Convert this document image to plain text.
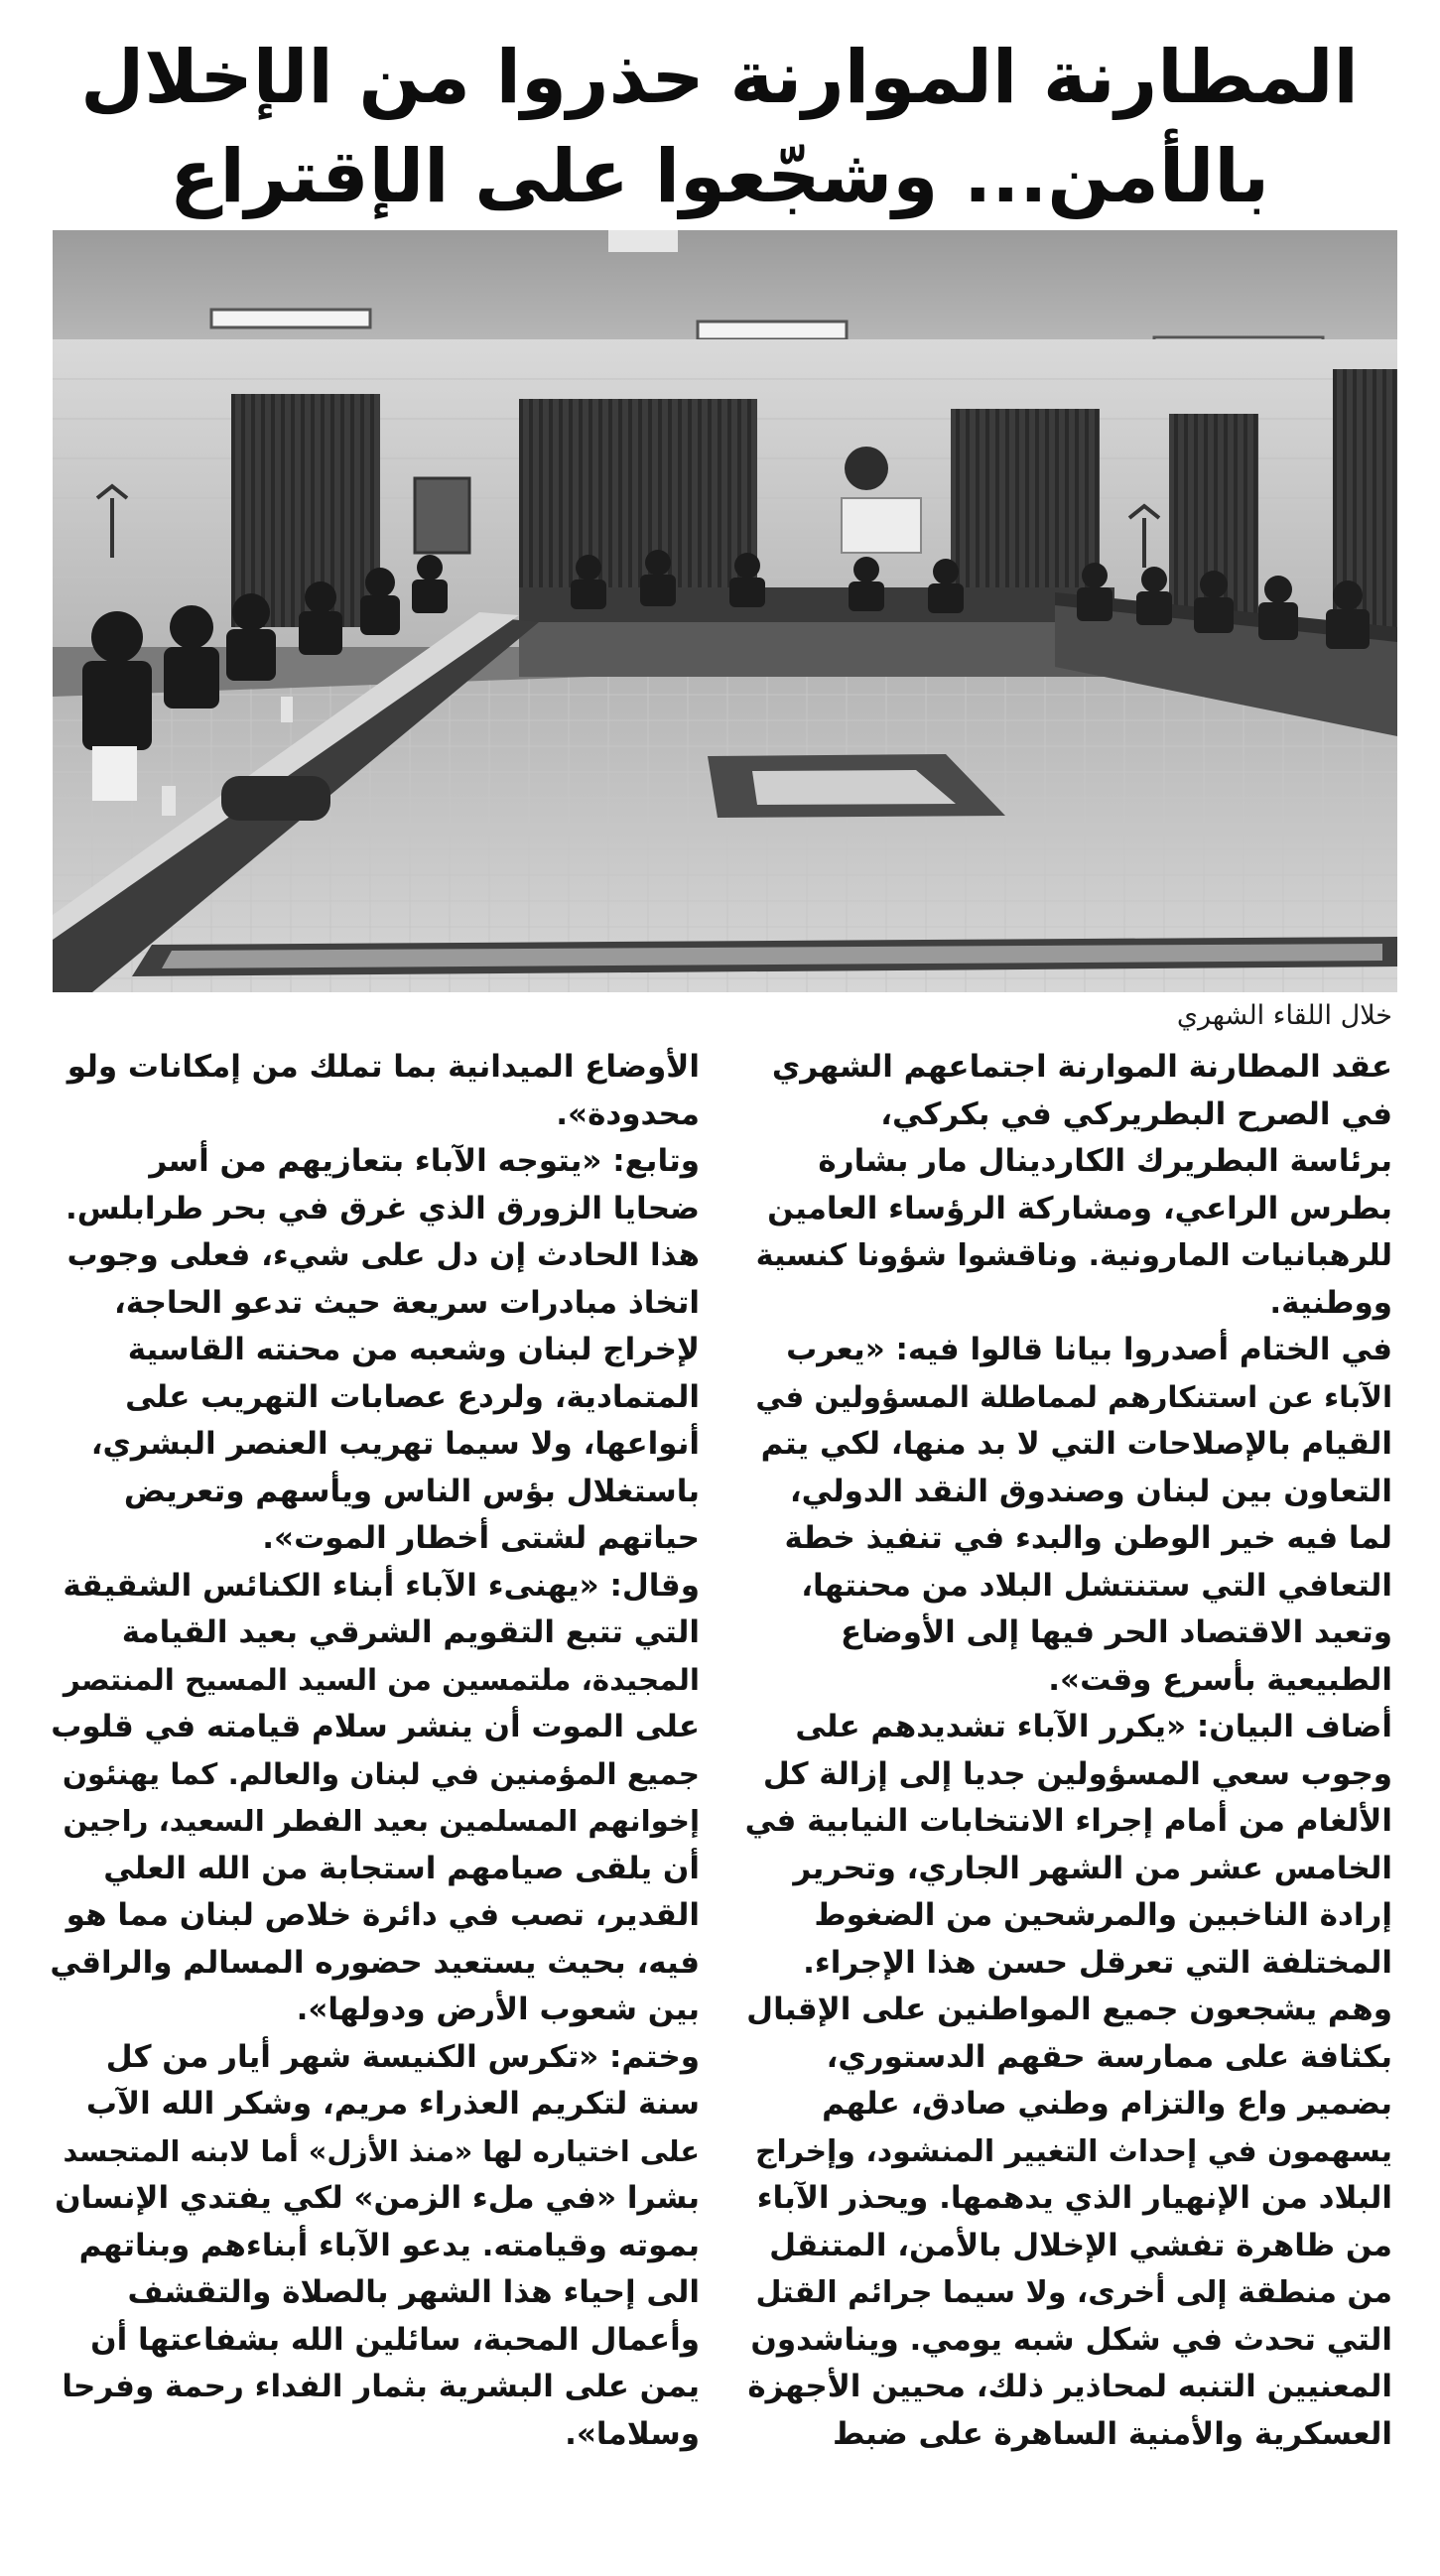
المطارنة الموارنة حذروا من الإخلال
بالأمن... وشجّعوا على الإقتراع
خلال اللقاء الشهري
عقد المطارنة الموارنة اجتماعهم الشهري
في الصرح البطريركي في بكركي،
برئاسة البطريرك الكاردينال مار بشارة
بطرس الراعي، ومشاركة الرؤساء العامين
للرهبانيات المارونية. وناقشوا شؤونا كنسية
ووطنية.
في الختام أصدروا بيانا قالوا فيه: «يعرب
الآباء عن استنكارهم لمماطلة المسؤولين في
القيام بالإصلاحات التي لا بد منها، لكي يتم
التعاون بين لبنان وصندوق النقد الدولي،
لما فيه خير الوطن والبدء في تنفيذ خطة
التعافي التي ستنتشل البلاد من محنتها،
وتعيد الاقتصاد الحر فيها إلى الأوضاع
الطبيعية بأسرع وقت».
أضاف البيان: «يكرر الآباء تشديدهم على
وجوب سعي المسؤولين جديا إلى إزالة كل
الألغام من أمام إجراء الانتخابات النيابية في
الخامس عشر من الشهر الجاري، وتحرير
إرادة الناخبين والمرشحين من الضغوط
المختلفة التي تعرقل حسن هذا الإجراء.
وهم يشجعون جميع المواطنين على الإقبال
بكثافة على ممارسة حقهم الدستوري،
بضمير واع والتزام وطني صادق، علهم
يسهمون في إحداث التغيير المنشود، وإخراج
البلاد من الإنهيار الذي يدهمها. ويحذر الآباء
من ظاهرة تفشي الإخلال بالأمن، المتنقل
من منطقة إلى أخرى، ولا سيما جرائم القتل
التي تحدث في شكل شبه يومي. ويناشدون
المعنيين التنبه لمحاذير ذلك، محيين الأجهزة
العسكرية والأمنية الساهرة على ضبط
الأوضاع الميدانية بما تملك من إمكانات ولو
محدودة».
وتابع: «يتوجه الآباء بتعازيهم من أسر
ضحايا الزورق الذي غرق في بحر طرابلس.
هذا الحادث إن دل على شيء، فعلى وجوب
اتخاذ مبادرات سريعة حيث تدعو الحاجة،
لإخراج لبنان وشعبه من محنته القاسية
المتمادية، ولردع عصابات التهريب على
أنواعها، ولا سيما تهريب العنصر البشري،
باستغلال بؤس الناس ويأسهم وتعريض
حياتهم لشتى أخطار الموت».
وقال: «يهنىء الآباء أبناء الكنائس الشقيقة
التي تتبع التقويم الشرقي بعيد القيامة
المجيدة، ملتمسين من السيد المسيح المنتصر
على الموت أن ينشر سلام قيامته في قلوب
جميع المؤمنين في لبنان والعالم. كما يهنئون
إخوانهم المسلمين بعيد الفطر السعيد، راجين
أن يلقى صيامهم استجابة من الله العلي
القدير، تصب في دائرة خلاص لبنان مما هو
فيه، بحيث يستعيد حضوره المسالم والراقي
بين شعوب الأرض ودولها».
وختم: «تكرس الكنيسة شهر أيار من كل
سنة لتكريم العذراء مريم، وشكر الله الآب
على اختياره لها «منذ الأزل» أما لابنه المتجسد
بشرا «في ملء الزمن» لكي يفتدي الإنسان
بموته وقيامته. يدعو الآباء أبناءهم وبناتهم
الى إحياء هذا الشهر بالصلاة والتقشف
وأعمال المحبة، سائلين الله بشفاعتها أن
يمن على البشرية بثمار الفداء رحمة وفرحا
وسلاما».
